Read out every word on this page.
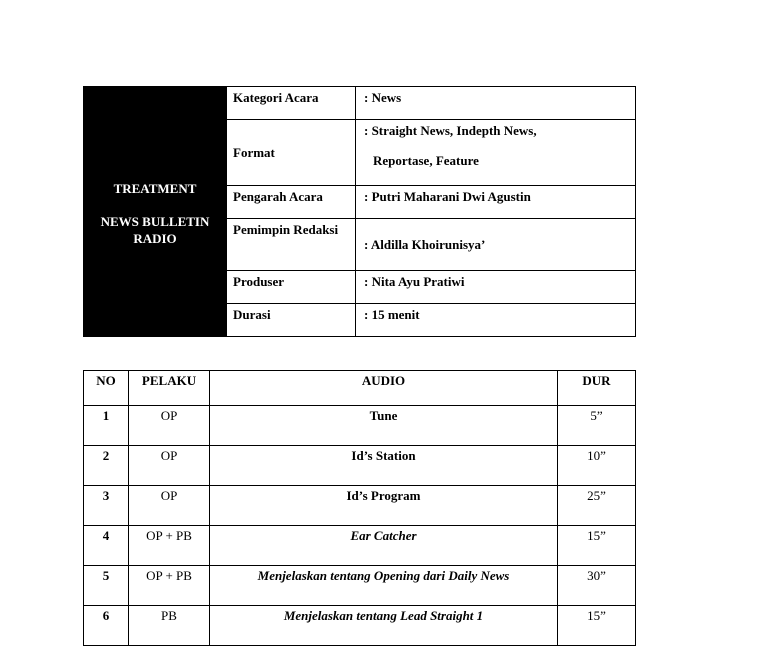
TREATMENT
NEWS BULLETIN RADIO	Kategori Acara	: News
	Format	: Straight News, Indepth News,
Reportase, Feature

	Pengarah Acara	: Putri Maharani Dwi Agustin
	Pemimpin Redaksi	: Aldilla Khoirunisya’
	Produser	: Nita Ayu Pratiwi
	Durasi	: 15 menit
NO	PELAKU	AUDIO	DUR
1	OP	Tune	5”
2	OP	Id’s Station	10”
3	OP	Id’s Program	25”
4	OP + PB	Ear Catcher	15”
5	OP + PB	Menjelaskan tentang Opening dari Daily News	30”
6	PB	Menjelaskan tentang Lead Straight 1	15”
